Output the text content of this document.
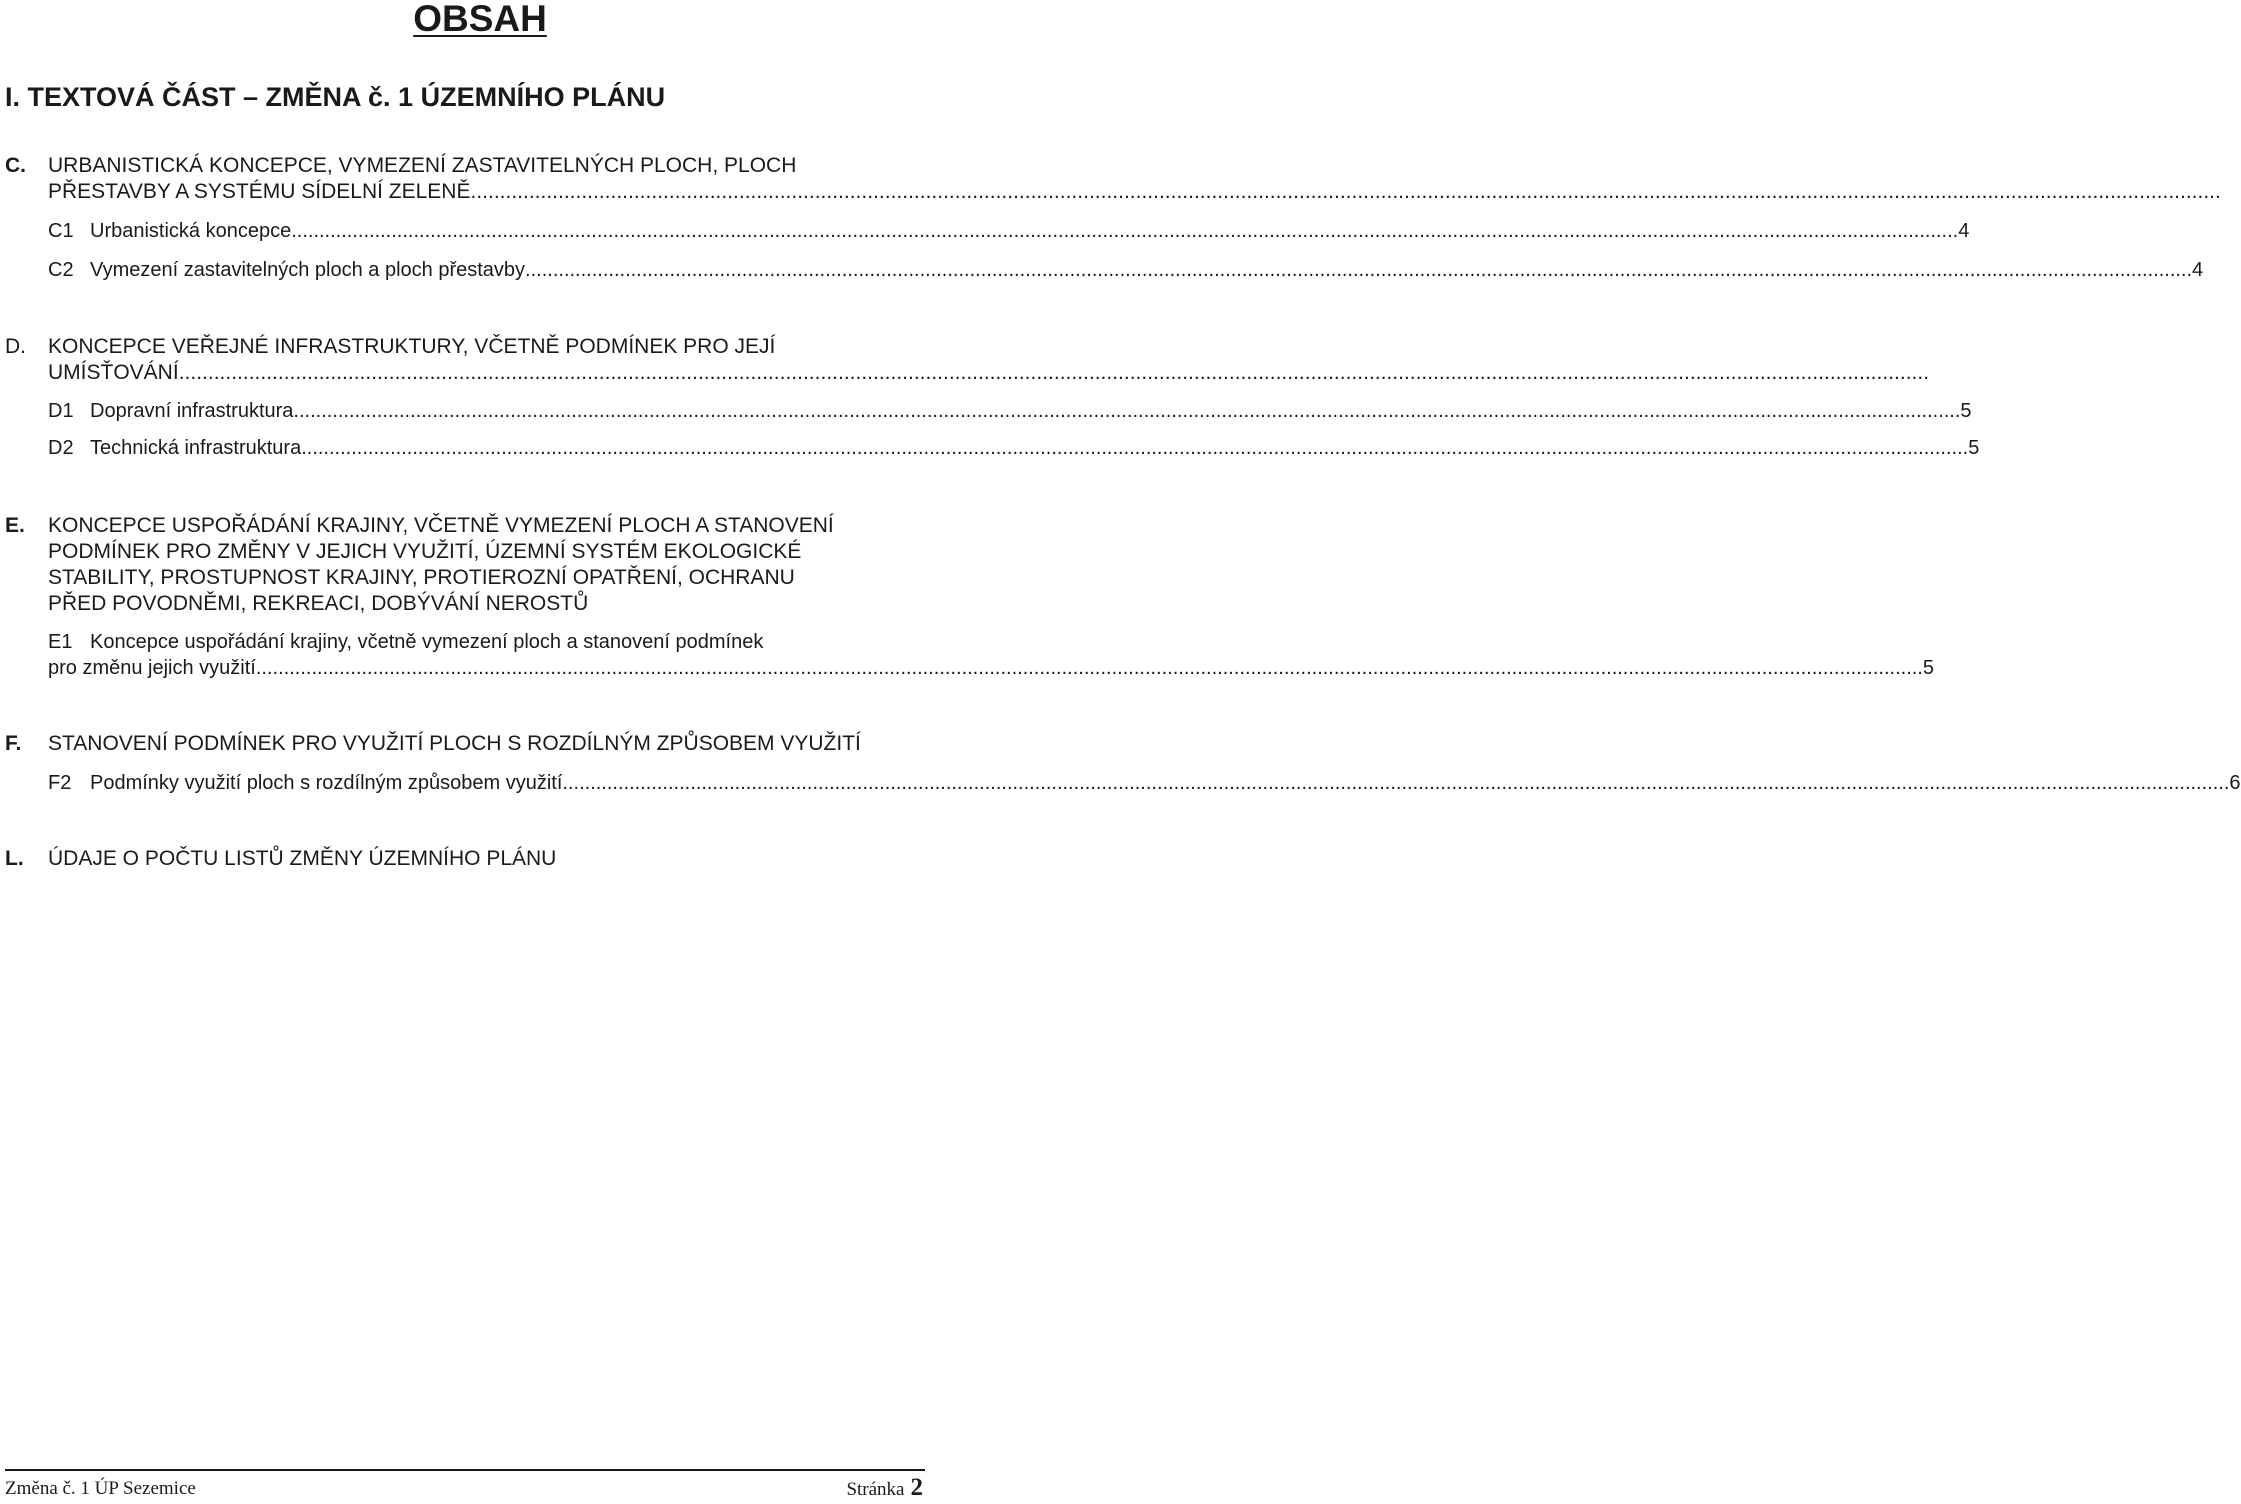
OBSAH
I. TEXTOVÁ ČÁST – ZMĚNA č. 1 ÚZEMNÍHO PLÁNU
C. URBANISTICKÁ KONCEPCE, VYMEZENÍ ZASTAVITELNÝCH PLOCH, PLOCH
PŘESTAVBY A SYSTÉMU SÍDELNÍ ZELENĚ ............................................................................................................................................................................................................................................................................................................
C1 Urbanistická koncepce ............................................................................................................................................................................................................................................................................................................ 4
C2 Vymezení zastavitelných ploch a ploch přestavby ............................................................................................................................................................................................................................................................................................................ 4
D. KONCEPCE VEŘEJNÉ INFRASTRUKTURY, VČETNĚ PODMÍNEK PRO JEJÍ
UMÍSŤOVÁNÍ ............................................................................................................................................................................................................................................................................................................
D1 Dopravní infrastruktura ............................................................................................................................................................................................................................................................................................................ 5
D2 Technická infrastruktura ............................................................................................................................................................................................................................................................................................................ 5
E. KONCEPCE USPOŘÁDÁNÍ KRAJINY, VČETNĚ VYMEZENÍ PLOCH A STANOVENÍ
PODMÍNEK PRO ZMĚNY V JEJICH VYUŽITÍ, ÚZEMNÍ SYSTÉM EKOLOGICKÉ
STABILITY, PROSTUPNOST KRAJINY, PROTIEROZNÍ OPATŘENÍ, OCHRANU
PŘED POVODNĚMI, REKREACI, DOBÝVÁNÍ NEROSTŮ
E1 Koncepce uspořádání krajiny, včetně vymezení ploch a stanovení podmínek
pro změnu jejich využití ............................................................................................................................................................................................................................................................................................................ 5
F. STANOVENÍ PODMÍNEK PRO VYUŽITÍ PLOCH S ROZDÍLNÝM ZPŮSOBEM VYUŽITÍ
F2 Podmínky využití ploch s rozdílným způsobem využití ............................................................................................................................................................................................................................................................................................................ 6
L. ÚDAJE O POČTU LISTŮ ZMĚNY ÚZEMNÍHO PLÁNU
Změna č. 1 ÚP Sezemice	Stránka 2
